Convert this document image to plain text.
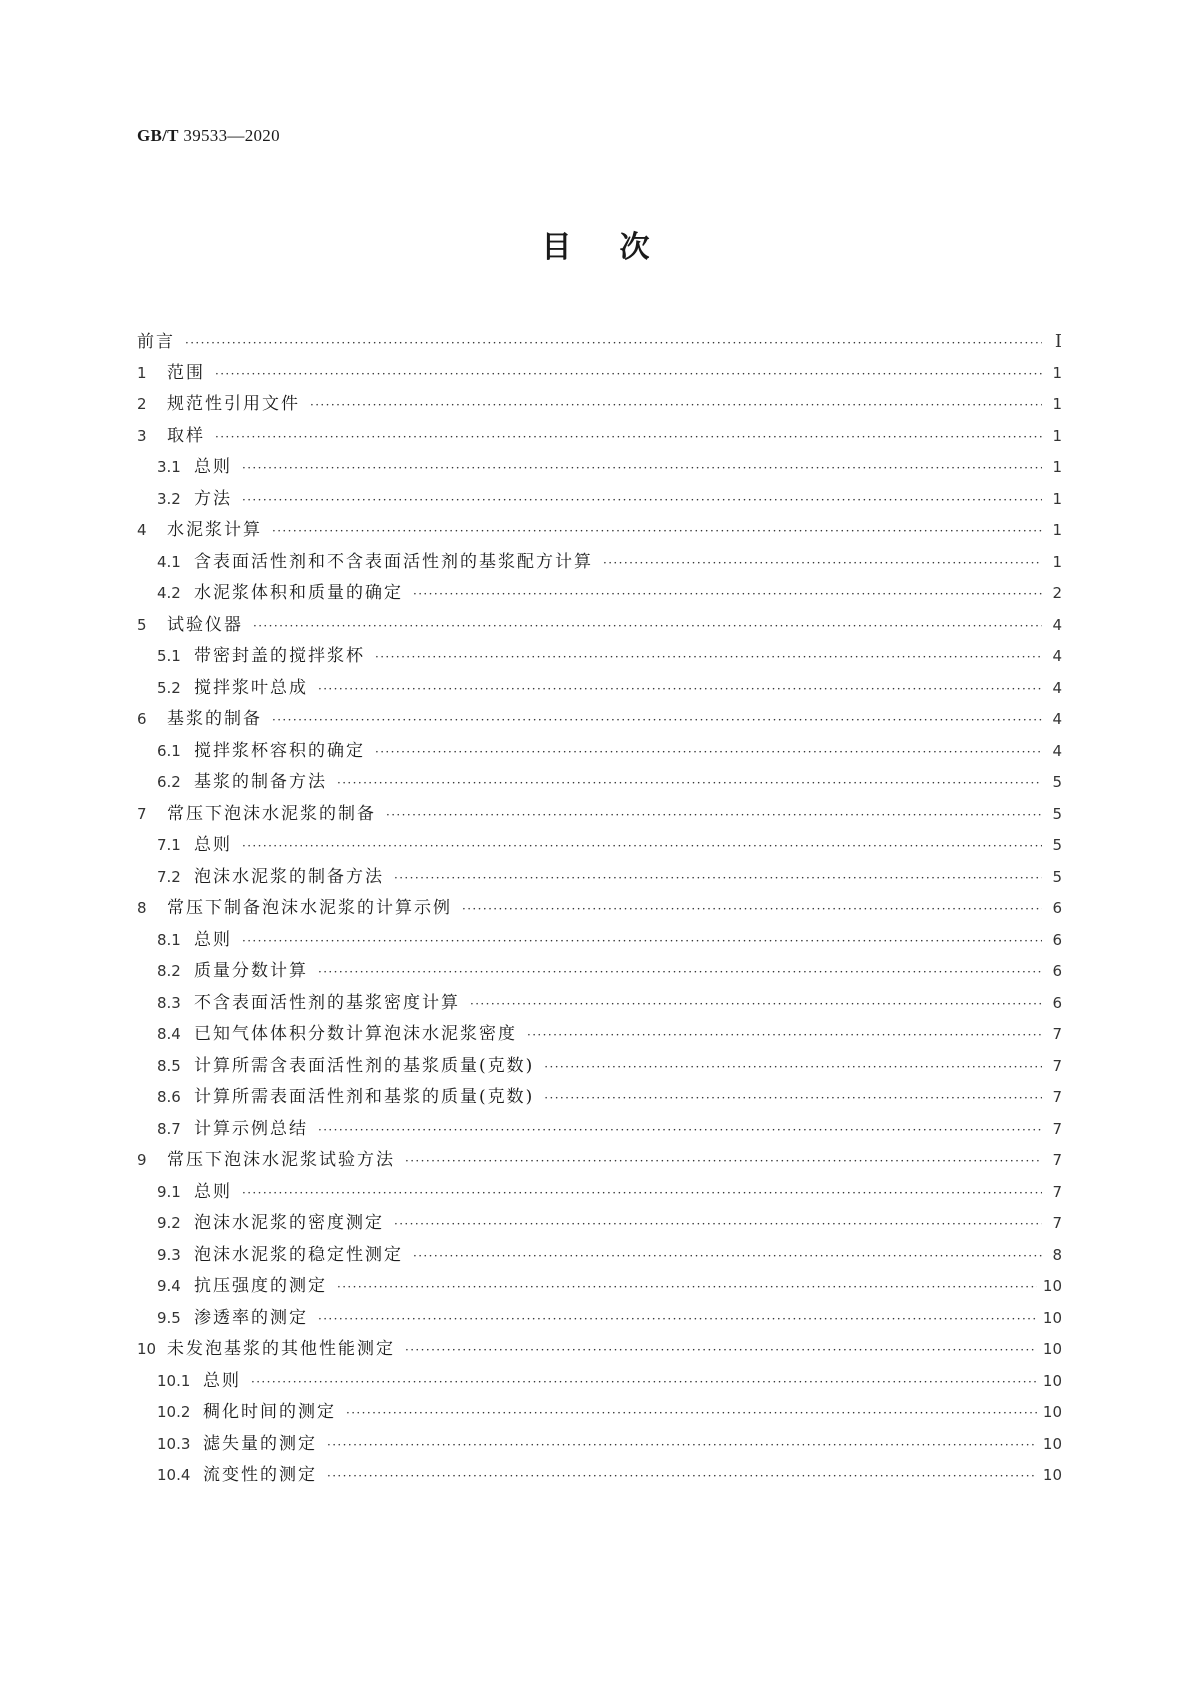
GB/T 39533—2020
目次
前言 ·····	Ⅰ
1	范围 ·····	1
2	规范性引用文件 ·····	1
3	取样 ·····	1
3.1 总则 ·····	1
3.2 方法 ·····	1
4	水泥浆计算 ·····	1
4.1 含表面活性剂和不含表面活性剂的基浆配方计算 ·····	1
4.2 水泥浆体积和质量的确定 ·····	2
5	试验仪器 ·····	4
5.1 带密封盖的搅拌浆杯 ·····	4
5.2 搅拌浆叶总成 ·····	4
6	基浆的制备 ·····	4
6.1 搅拌浆杯容积的确定 ·····	4
6.2 基浆的制备方法 ·····	5
7	常压下泡沫水泥浆的制备 ·····	5
7.1 总则 ·····	5
7.2 泡沫水泥浆的制备方法 ·····	5
8	常压下制备泡沫水泥浆的计算示例 ·····	6
8.1 总则 ·····	6
8.2 质量分数计算 ·····	6
8.3 不含表面活性剂的基浆密度计算 ·····	6
8.4 已知气体体积分数计算泡沫水泥浆密度 ·····	7
8.5 计算所需含表面活性剂的基浆质量(克数) ·····	7
8.6 计算所需表面活性剂和基浆的质量(克数) ·····	7
8.7 计算示例总结 ·····	7
9	常压下泡沫水泥浆试验方法 ·····	7
9.1 总则 ·····	7
9.2 泡沫水泥浆的密度测定 ·····	7
9.3 泡沫水泥浆的稳定性测定 ·····	8
9.4 抗压强度的测定 ·····	10
9.5 渗透率的测定 ·····	10
10 未发泡基浆的其他性能测定 ·····	10
10.1 总则 ·····	10
10.2 稠化时间的测定 ·····	10
10.3 滤失量的测定 ·····	10
10.4 流变性的测定 ·····	10
